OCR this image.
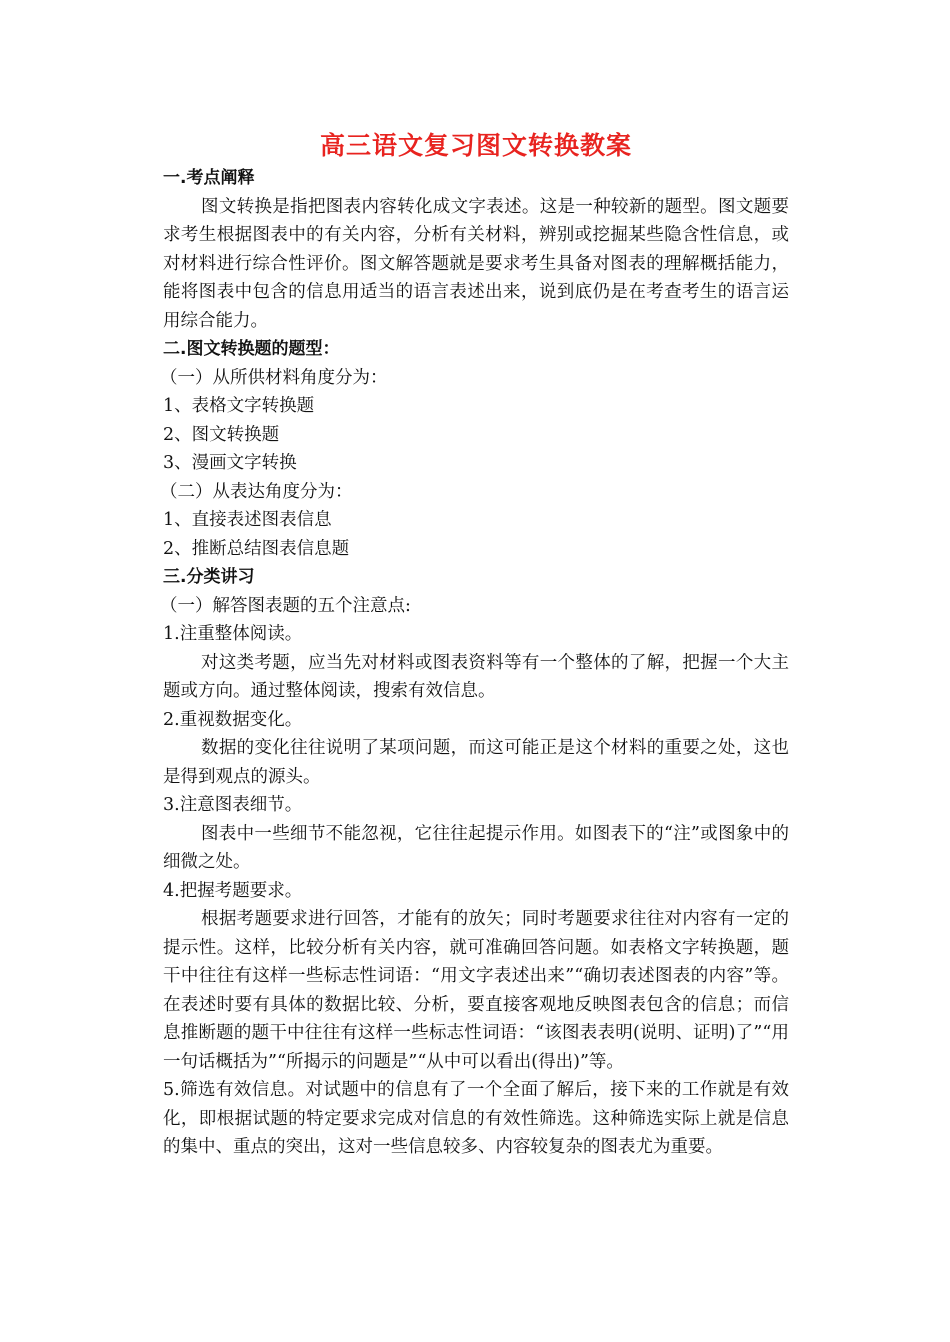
高三语文复习图文转换教案
一.考点阐释

图文转换是指把图表内容转化成文字表述。这是一种较新的题型。图文题要求考生根据图表中的有关内容，分析有关材料，辨别或挖掘某些隐含性信息，或对材料进行综合性评价。图文解答题就是要求考生具备对图表的理解概括能力，能将图表中包含的信息用适当的语言表述出来，说到底仍是在考查考生的语言运用综合能力。

二.图文转换题的题型：
（一）从所供材料角度分为：
1、表格文字转换题
2、图文转换题
3、漫画文字转换
（二）从表达角度分为：
1、直接表述图表信息
2、推断总结图表信息题
三.分类讲习
（一）解答图表题的五个注意点:
1.注重整体阅读。

对这类考题，应当先对材料或图表资料等有一个整体的了解，把握一个大主题或方向。通过整体阅读，搜索有效信息。

2.重视数据变化。

数据的变化往往说明了某项问题，而这可能正是这个材料的重要之处，这也是得到观点的源头。

3.注意图表细节。

图表中一些细节不能忽视，它往往起提示作用。如图表下的“注”或图象中的细微之处。

4.把握考题要求。

根据考题要求进行回答，才能有的放矢；同时考题要求往往对内容有一定的提示性。这样，比较分析有关内容，就可准确回答问题。如表格文字转换题，题干中往往有这样一些标志性词语：“用文字表述出来”“确切表述图表的内容”等。在表述时要有具体的数据比较、分析，要直接客观地反映图表包含的信息；而信息推断题的题干中往往有这样一些标志性词语：“该图表表明(说明、证明)了”“用一句话概括为”“所揭示的问题是”“从中可以看出(得出)”等。

5.筛选有效信息。对试题中的信息有了一个全面了解后，接下来的工作就是有效化，即根据试题的特定要求完成对信息的有效性筛选。这种筛选实际上就是信息的集中、重点的突出，这对一些信息较多、内容较复杂的图表尤为重要。
